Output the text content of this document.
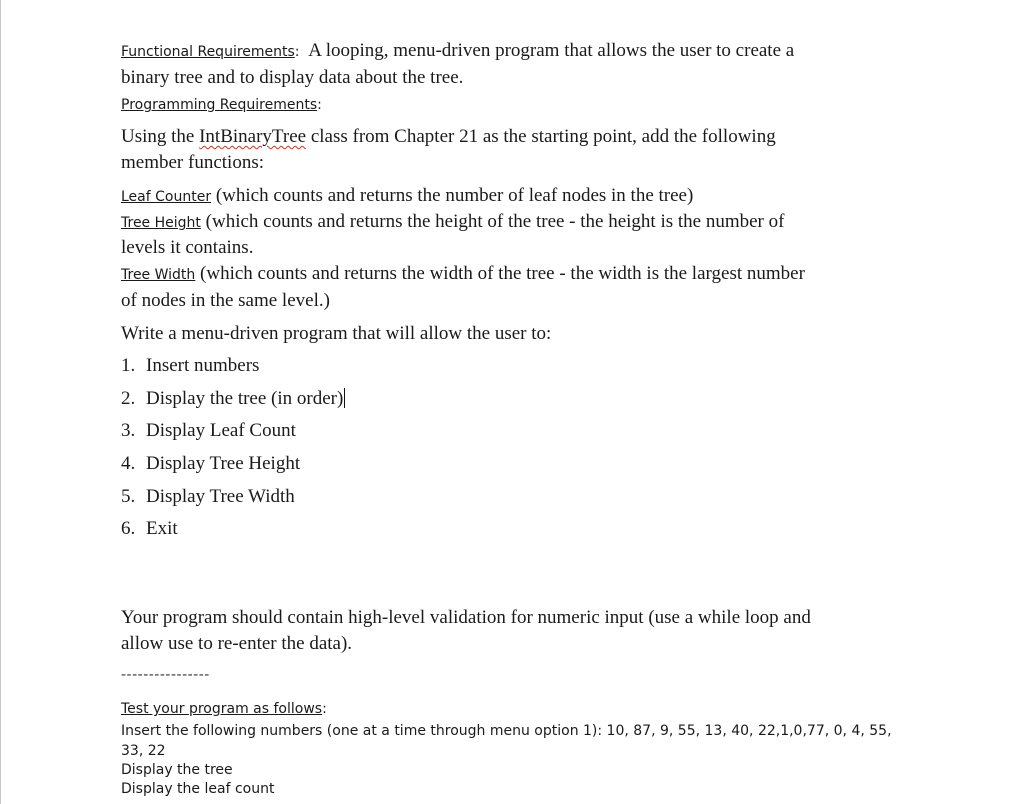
Functional Requirements: A looping, menu-driven program that allows the user to create a
binary tree and to display data about the tree.
Programming Requirements:
Using the IntBinaryTree class from Chapter 21 as the starting point, add the following
member functions:
Leaf Counter (which counts and returns the number of leaf nodes in the tree)
Tree Height (which counts and returns the height of the tree - the height is the number of
levels it contains.
Tree Width (which counts and returns the width of the tree - the width is the largest number
of nodes in the same level.)
Write a menu-driven program that will allow the user to:
1. Insert numbers
2. Display the tree (in order)
3. Display Leaf Count
4. Display Tree Height
5. Display Tree Width
6. Exit
Your program should contain high-level validation for numeric input (use a while loop and
allow use to re-enter the data).
----------------
Test your program as follows:
Insert the following numbers (one at a time through menu option 1): 10, 87, 9, 55, 13, 40, 22,1,0,77, 0, 4, 55,
33, 22
Display the tree
Display the leaf count
